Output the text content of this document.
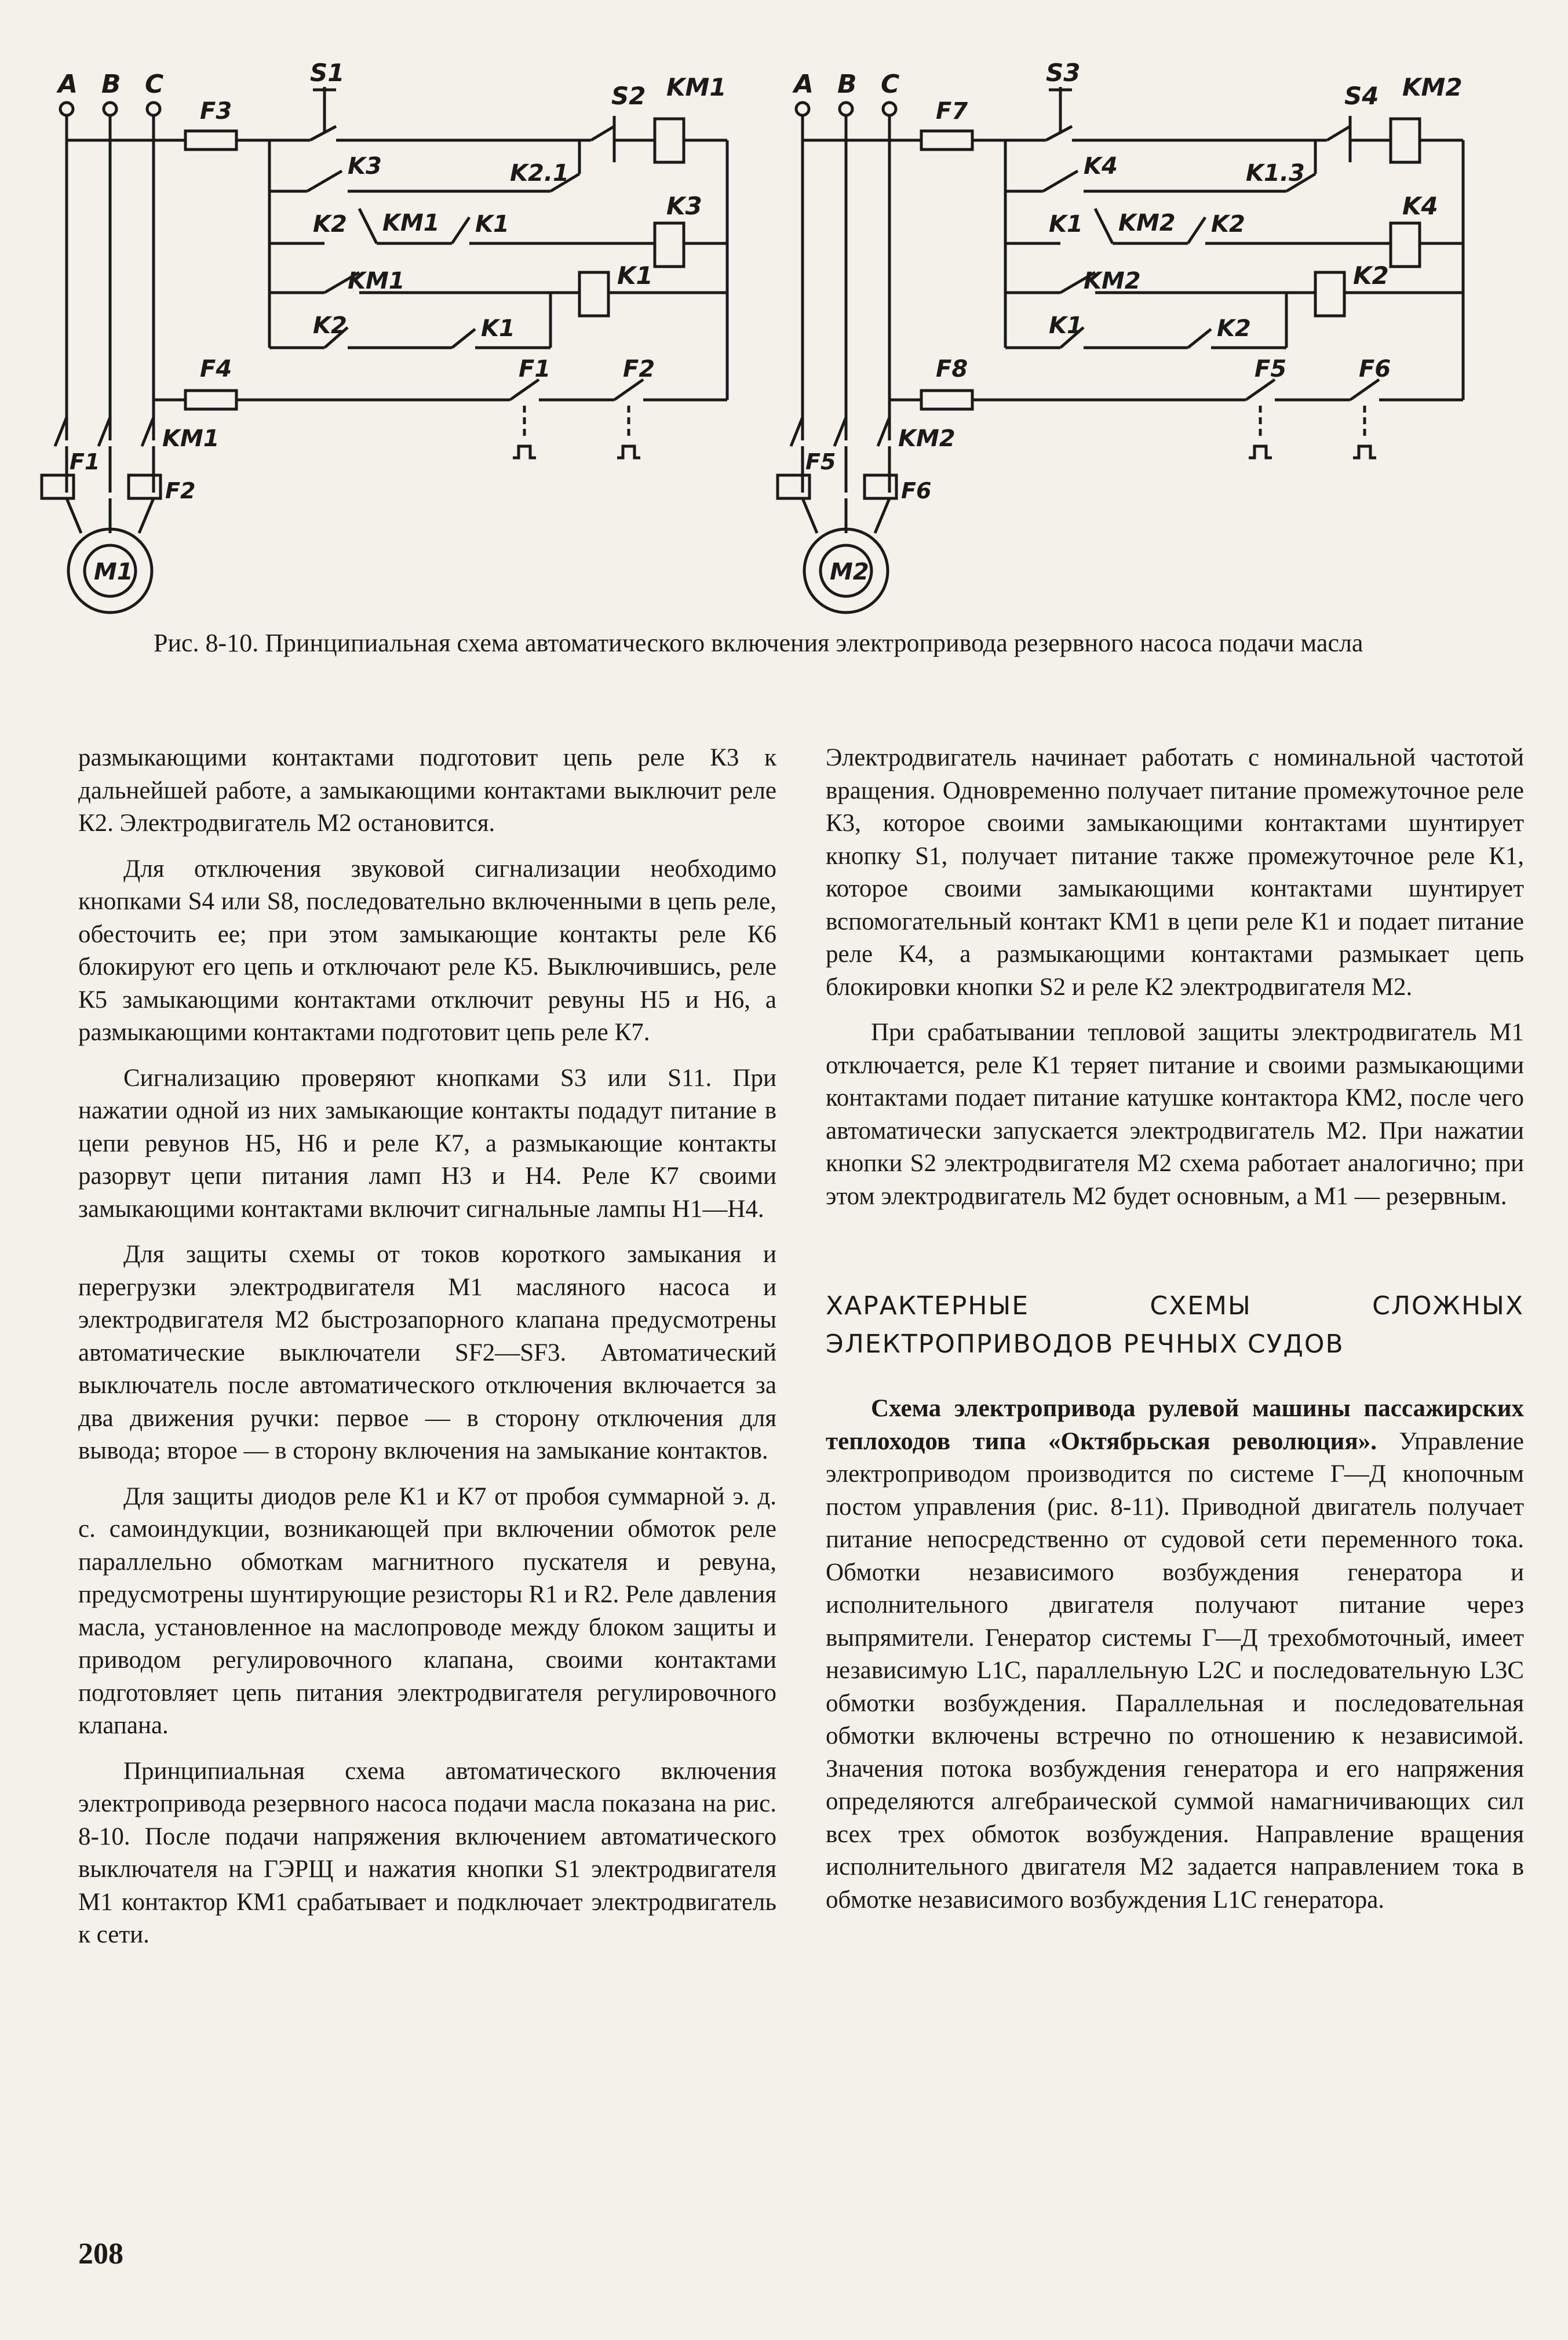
A B C
F3
S1
S2 KM1
K3	K2.1
K2 KM1 K1
K3
KM1	K1
K2	K1
F4	F1	F2
KM1
F1
F2
M1
A B C
F7
S3
S4 KM2
K4	K1.3
K1 KM2 K2
K4
KM2	K2
K1	K2
F8	F5	F6
KM2
F5
F6
M2
Рис. 8-10. Принципиальная схема автоматического включения электропривода резервного насоса подачи масла

размыкающими контактами подготовит цепь реле К3 к дальнейшей работе, а замыкающими контактами выключит реле К2. Электродвигатель М2 остановится.

Для отключения звуковой сигнализации необходимо кнопками S4 или S8, последовательно включенными в цепь реле, обесточить ее; при этом замыкающие контакты реле К6 блокируют его цепь и отключают реле К5. Выключившись, реле К5 замыкающими контактами отключит ревуны Н5 и Н6, а размыкающими контактами подготовит цепь реле К7.

Сигнализацию проверяют кнопками S3 или S11. При нажатии одной из них замыкающие контакты подадут питание в цепи ревунов Н5, Н6 и реле К7, а размыкающие контакты разорвут цепи питания ламп Н3 и Н4. Реле К7 своими замыкающими контактами включит сигнальные лампы Н1—Н4.

Для защиты схемы от токов короткого замыкания и перегрузки электродвигателя М1 масляного насоса и электродвигателя М2 быстрозапорного клапана предусмотрены автоматические выключатели SF2—SF3. Автоматический выключатель после автоматического отключения включается за два движения ручки: первое — в сторону отключения для вывода; второе — в сторону включения на замыкание контактов.

Для защиты диодов реле К1 и К7 от пробоя суммарной э. д. с. самоиндукции, возникающей при включении обмоток реле параллельно обмоткам магнитного пускателя и ревуна, предусмотрены шунтирующие резисторы R1 и R2. Реле давления масла, установленное на маслопроводе между блоком защиты и приводом регулировочного клапана, своими контактами подготовляет цепь питания электродвигателя регулировочного клапана.

Принципиальная схема автоматического включения электропривода резервного насоса подачи масла показана на рис. 8-10. После подачи напряжения включением автоматического выключателя на ГЭРЩ и нажатия кнопки S1 электродвигателя М1 контактор КМ1 срабатывает и подключает электродвигатель к сети.

Электродвигатель начинает работать с номинальной частотой вращения. Одновременно получает питание промежуточное реле К3, которое своими замыкающими контактами шунтирует кнопку S1, получает питание также промежуточное реле К1, которое своими замыкающими контактами шунтирует вспомогательный контакт КМ1 в цепи реле К1 и подает питание реле К4, а размыкающими контактами размыкает цепь блокировки кнопки S2 и реле К2 электродвигателя М2.

При срабатывании тепловой защиты электродвигатель М1 отключается, реле К1 теряет питание и своими размыкающими контактами подает питание катушке контактора КМ2, после чего автоматически запускается электродвигатель М2. При нажатии кнопки S2 электродвигателя М2 схема работает аналогично; при этом электродвигатель М2 будет основным, а М1 — резервным.

ХАРАКТЕРНЫЕ СХЕМЫ СЛОЖНЫХ ЭЛЕКТРОПРИВОДОВ РЕЧНЫХ СУДОВ

Схема электропривода рулевой машины пассажирских теплоходов типа «Октябрьская революция». Управление электроприводом производится по системе Г—Д кнопочным постом управления (рис. 8-11). Приводной двигатель получает питание непосредственно от судовой сети переменного тока. Обмотки независимого возбуждения генератора и исполнительного двигателя получают питание через выпрямители. Генератор системы Г—Д трехобмоточный, имеет независимую L1C, параллельную L2C и последовательную L3C обмотки возбуждения. Параллельная и последовательная обмотки включены встречно по отношению к независимой. Значения потока возбуждения генератора и его напряжения определяются алгебраической суммой намагничивающих сил всех трех обмоток возбуждения. Направление вращения исполнительного двигателя М2 задается направлением тока в обмотке независимого возбуждения L1C генератора.

208
